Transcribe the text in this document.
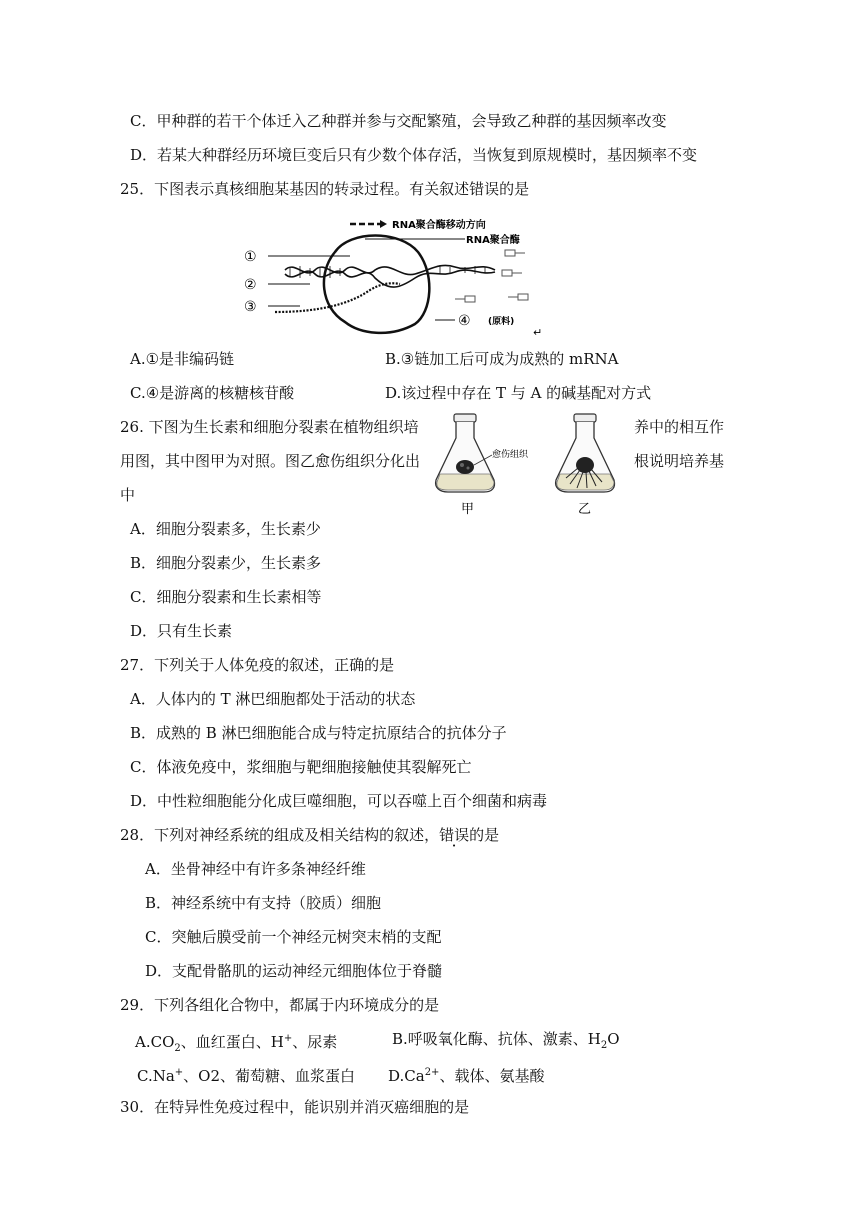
C．甲种群的若干个体迁入乙种群并参与交配繁殖，会导致乙种群的基因频率改变
D．若某大种群经历环境巨变后只有少数个体存活，当恢复到原规模时，基因频率不变
25．下图表示真核细胞某基因的转录过程。有关叙述错误的是
RNA聚合酶移动方向
RNA聚合酶
①
②
③
④ (原料)
↵
A.①是非编码链	B.③链加工后可成为成熟的 mRNA
C.④是游离的核糖核苷酸	D.该过程中存在 T 与 A 的碱基配对方式
26. 下图为生长素和细胞分裂素在植物组织培	养中的相互作
用图，其中图甲为对照。图乙愈伤组织分化出	根说明培养基
中
愈伤组织
甲	乙
A．细胞分裂素多，生长素少
B．细胞分裂素少，生长素多
C．细胞分裂素和生长素相等
D．只有生长素
27．下列关于人体免疫的叙述，正确的是
A．人体内的 T 淋巴细胞都处于活动的状态
B．成熟的 B 淋巴细胞能合成与特定抗原结合的抗体分子
C．体液免疫中，浆细胞与靶细胞接触使其裂解死亡
D．中性粒细胞能分化成巨噬细胞，可以吞噬上百个细菌和病毒
28．下列对神经系统的组成及相关结构的叙述，错误的是
A．坐骨神经中有许多条神经纤维
B．神经系统中有支持（胶质）细胞
C．突触后膜受前一个神经元树突末梢的支配
D．支配骨骼肌的运动神经元细胞体位于脊髓
29．下列各组化合物中，都属于内环境成分的是
$A.CO_2$、血红蛋白、H+、尿素	B.呼吸氧化酶、抗体、激素、$H_2O$
C.Na+、O2、葡萄糖、血浆蛋白 $D.Ca^{2+}$、载体、氨基酸
30．在特异性免疫过程中，能识别并消灭癌细胞的是
